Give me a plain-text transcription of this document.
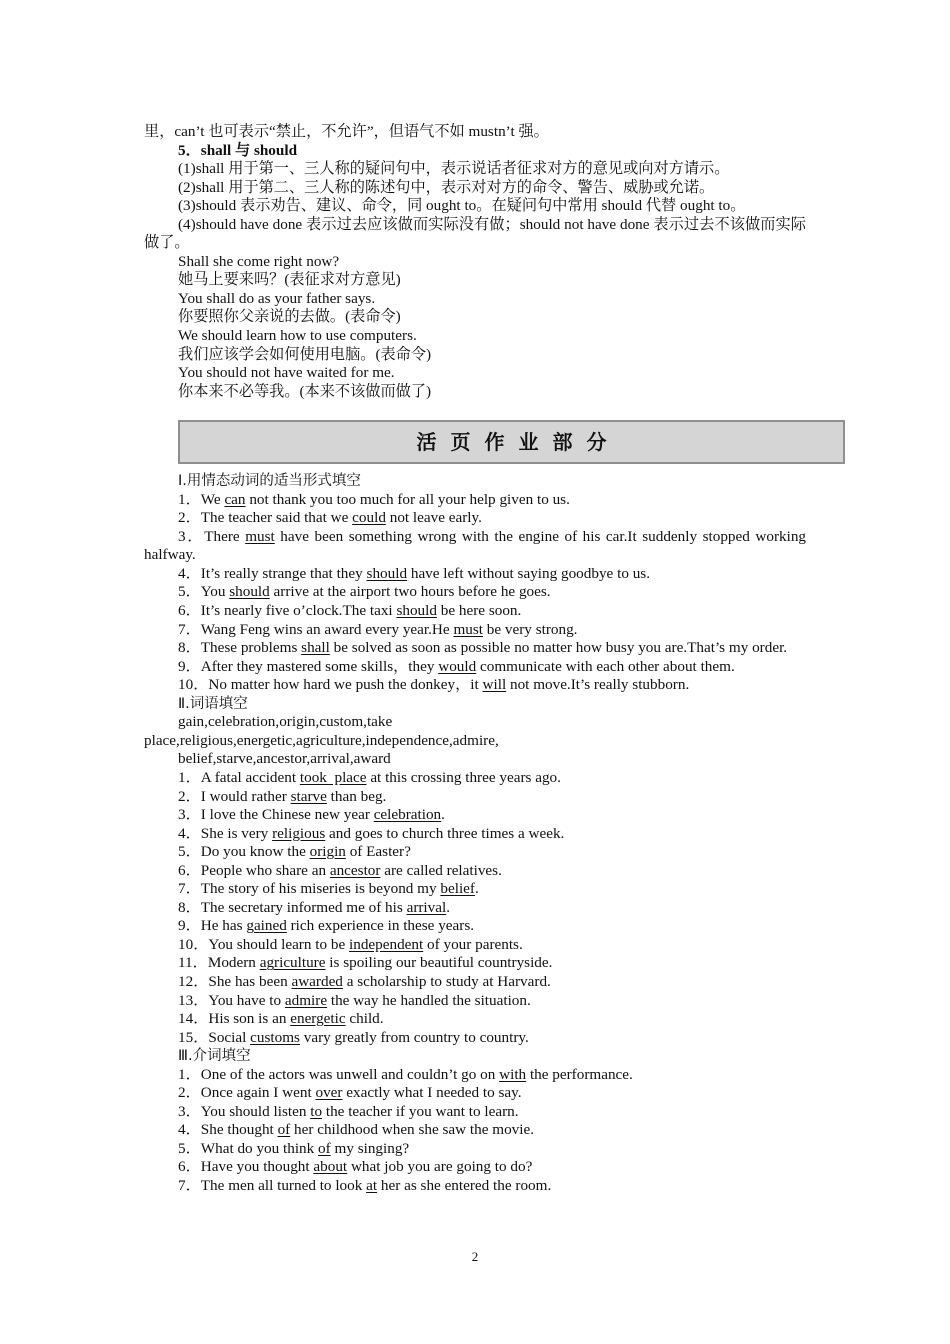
里，can’t 也可表示“禁止，不允许”，但语气不如 mustn’t 强。
5．shall 与 should
(1)shall 用于第一、三人称的疑问句中，表示说话者征求对方的意见或向对方请示。
(2)shall 用于第二、三人称的陈述句中，表示对对方的命令、警告、威胁或允诺。
(3)should 表示劝告、建议、命令，同 ought to。在疑问句中常用 should 代替 ought to。
(4)should have done 表示过去应该做而实际没有做；should not have done 表示过去不该做而实际做了。
Shall she come right now?
她马上要来吗？(表征求对方意见)
You shall do as your father says.
你要照你父亲说的去做。(表命令)
We should learn how to use computers.
我们应该学会如何使用电脑。(表命令)
You should not have waited for me.
你本来不必等我。(本来不该做而做了)
活页作业部分
Ⅰ.用情态动词的适当形式填空
1．We can not thank you too much for all your help given to us.
2．The teacher said that we could not leave early.
3．There must have been something wrong with the engine of his car.It suddenly stopped working halfway.
4．It’s really strange that they should have left without saying goodbye to us.
5．You should arrive at the airport two hours before he goes.
6．It’s nearly five o’clock.The taxi should be here soon.
7．Wang Feng wins an award every year.He must be very strong.
8．These problems shall be solved as soon as possible no matter how busy you are.That’s my order.
9．After they mastered some skills，they would communicate with each other about them.
10．No matter how hard we push the donkey，it will not move.It’s really stubborn.
Ⅱ.词语填空
gain,celebration,origin,custom,take
place,religious,energetic,agriculture,independence,admire,
belief,starve,ancestor,arrival,award
1．A fatal accident took  place at this crossing three years ago.
2．I would rather starve than beg.
3．I love the Chinese new year celebration.
4．She is very religious and goes to church three times a week.
5．Do you know the origin of Easter?
6．People who share an ancestor are called relatives.
7．The story of his miseries is beyond my belief.
8．The secretary informed me of his arrival.
9．He has gained rich experience in these years.
10．You should learn to be independent of your parents.
11．Modern agriculture is spoiling our beautiful countryside.
12．She has been awarded a scholarship to study at Harvard.
13．You have to admire the way he handled the situation.
14．His son is an energetic child.
15．Social customs vary greatly from country to country.
Ⅲ.介词填空
1．One of the actors was unwell and couldn’t go on with the performance.
2．Once again I went over exactly what I needed to say.
3．You should listen to the teacher if you want to learn.
4．She thought of her childhood when she saw the movie.
5．What do you think of my singing?
6．Have you thought about what job you are going to do?
7．The men all turned to look at her as she entered the room.
2
